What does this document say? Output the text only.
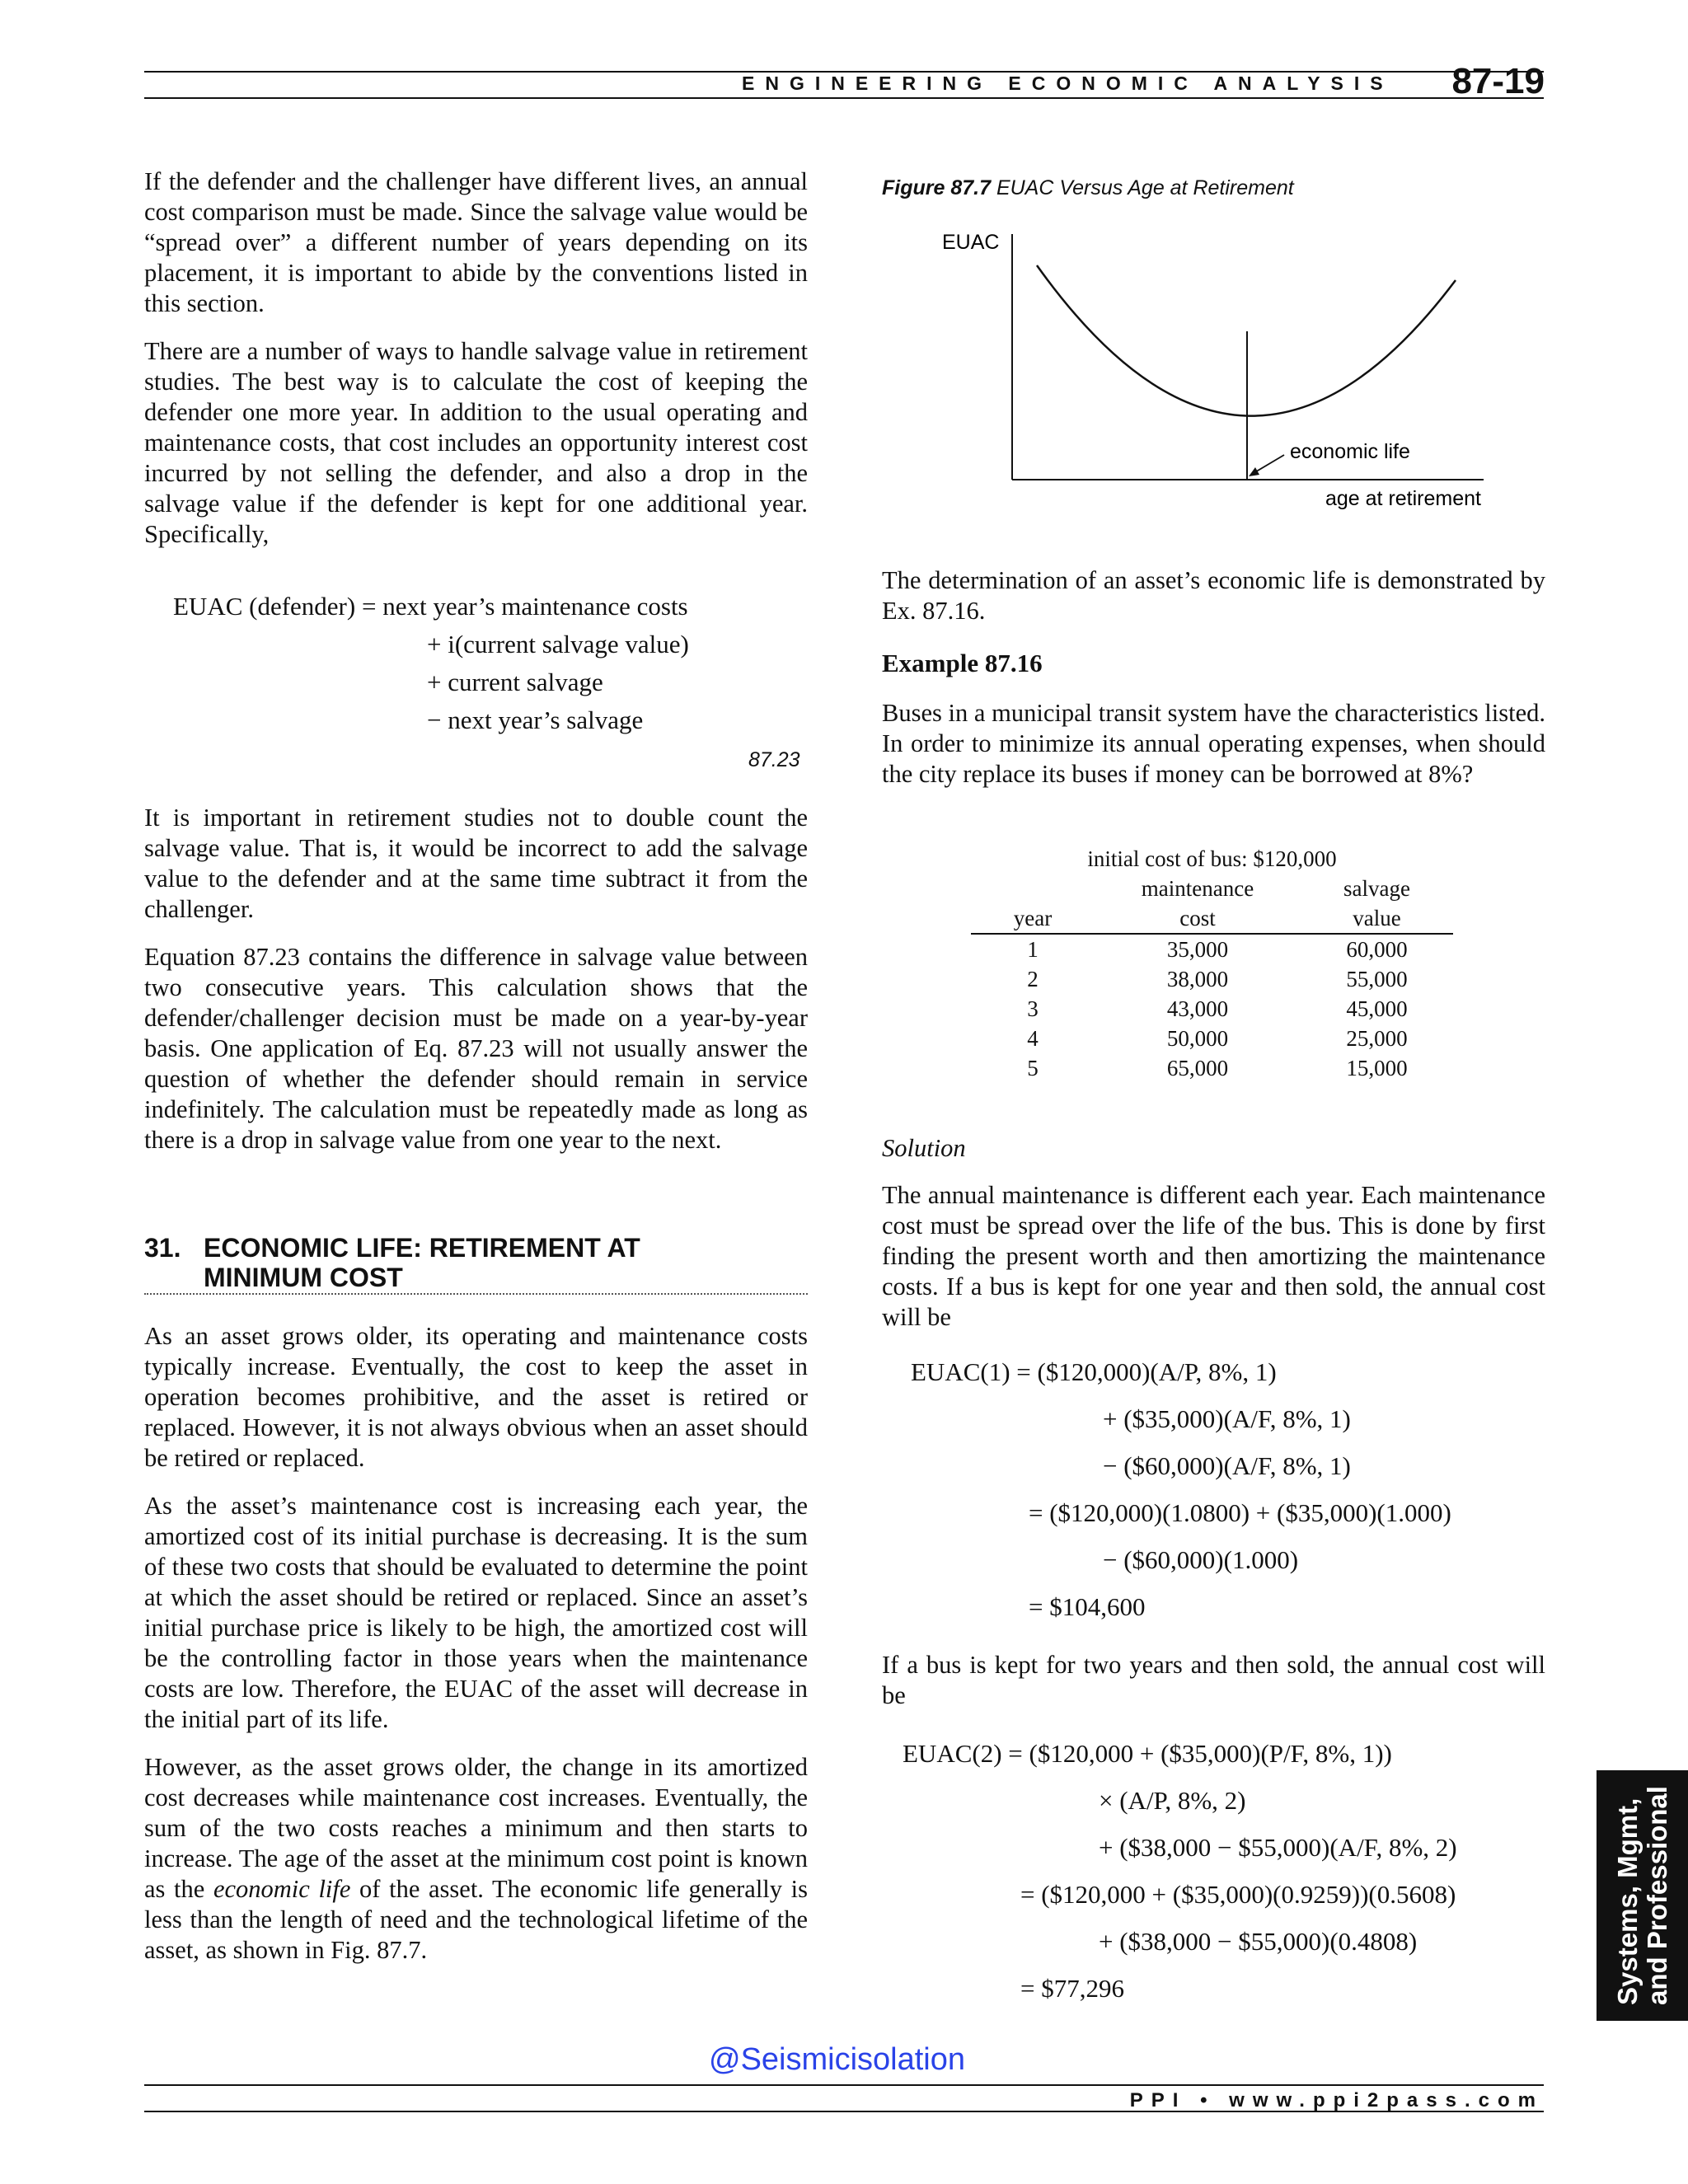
ENGINEERING ECONOMIC ANALYSIS 87-19

If the defender and the challenger have different lives, an annual cost comparison must be made. Since the salvage value would be “spread over” a different number of years depending on its placement, it is important to abide by the conventions listed in this section.

There are a number of ways to handle salvage value in retirement studies. The best way is to calculate the cost of keeping the defender one more year. In addition to the usual operating and maintenance costs, that cost includes an opportunity interest cost incurred by not selling the defender, and also a drop in the salvage value if the defender is kept for one additional year. Specifically,

EUAC (defender) = next year’s maintenance costs
+ i(current salvage value)
+ current salvage
− next year’s salvage
87.23

It is important in retirement studies not to double count the salvage value. That is, it would be incorrect to add the salvage value to the defender and at the same time subtract it from the challenger.

Equation 87.23 contains the difference in salvage value between two consecutive years. This calculation shows that the defender/challenger decision must be made on a year-by-year basis. One application of Eq. 87.23 will not usually answer the question of whether the defender should remain in service indefinitely. The calculation must be repeatedly made as long as there is a drop in salvage value from one year to the next.

31. ECONOMIC LIFE: RETIREMENT AT
MINIMUM COST

As an asset grows older, its operating and maintenance costs typically increase. Eventually, the cost to keep the asset in operation becomes prohibitive, and the asset is retired or replaced. However, it is not always obvious when an asset should be retired or replaced.

As the asset’s maintenance cost is increasing each year, the amortized cost of its initial purchase is decreasing. It is the sum of these two costs that should be evaluated to determine the point at which the asset should be retired or replaced. Since an asset’s initial purchase price is likely to be high, the amortized cost will be the controlling factor in those years when the maintenance costs are low. Therefore, the EUAC of the asset will decrease in the initial part of its life.

However, as the asset grows older, the change in its amortized cost decreases while maintenance cost increases. Eventually, the sum of the two costs reaches a minimum and then starts to increase. The age of the asset at the minimum cost point is known as the economic life of the asset. The economic life generally is less than the length of need and the technological lifetime of the asset, as shown in Fig. 87.7.

Figure 87.7 EUAC Versus Age at Retirement
EUAC
economic life
age at retirement

The determination of an asset’s economic life is demonstrated by Ex. 87.16.

Example 87.16

Buses in a municipal transit system have the characteristics listed. In order to minimize its annual operating expenses, when should the city replace its buses if money can be borrowed at 8%?

initial cost of bus: $120,000		
	maintenance	salvage
year	cost	value
1	35,000	60,000
2	38,000	55,000
3	43,000	45,000
4	50,000	25,000
5	65,000	15,000
Solution

The annual maintenance is different each year. Each maintenance cost must be spread over the life of the bus. This is done by first finding the present worth and then amortizing the maintenance costs. If a bus is kept for one year and then sold, the annual cost will be

EUAC(1) = ($120,000)(A/P, 8%, 1)
+ ($35,000)(A/F, 8%, 1)
− ($60,000)(A/F, 8%, 1)
= ($120,000)(1.0800) + ($35,000)(1.000)
− ($60,000)(1.000)
= $104,600

If a bus is kept for two years and then sold, the annual cost will be

EUAC(2) = ($120,000 + ($35,000)(P/F, 8%, 1))
× (A/P, 8%, 2)
+ ($38,000 − $55,000)(A/F, 8%, 2)
= ($120,000 + ($35,000)(0.9259))(0.5608)
+ ($38,000 − $55,000)(0.4808)
= $77,296	Systems, Mgmt, and Professional
@Seismicisolation
PPI • www.ppi2pass.com
